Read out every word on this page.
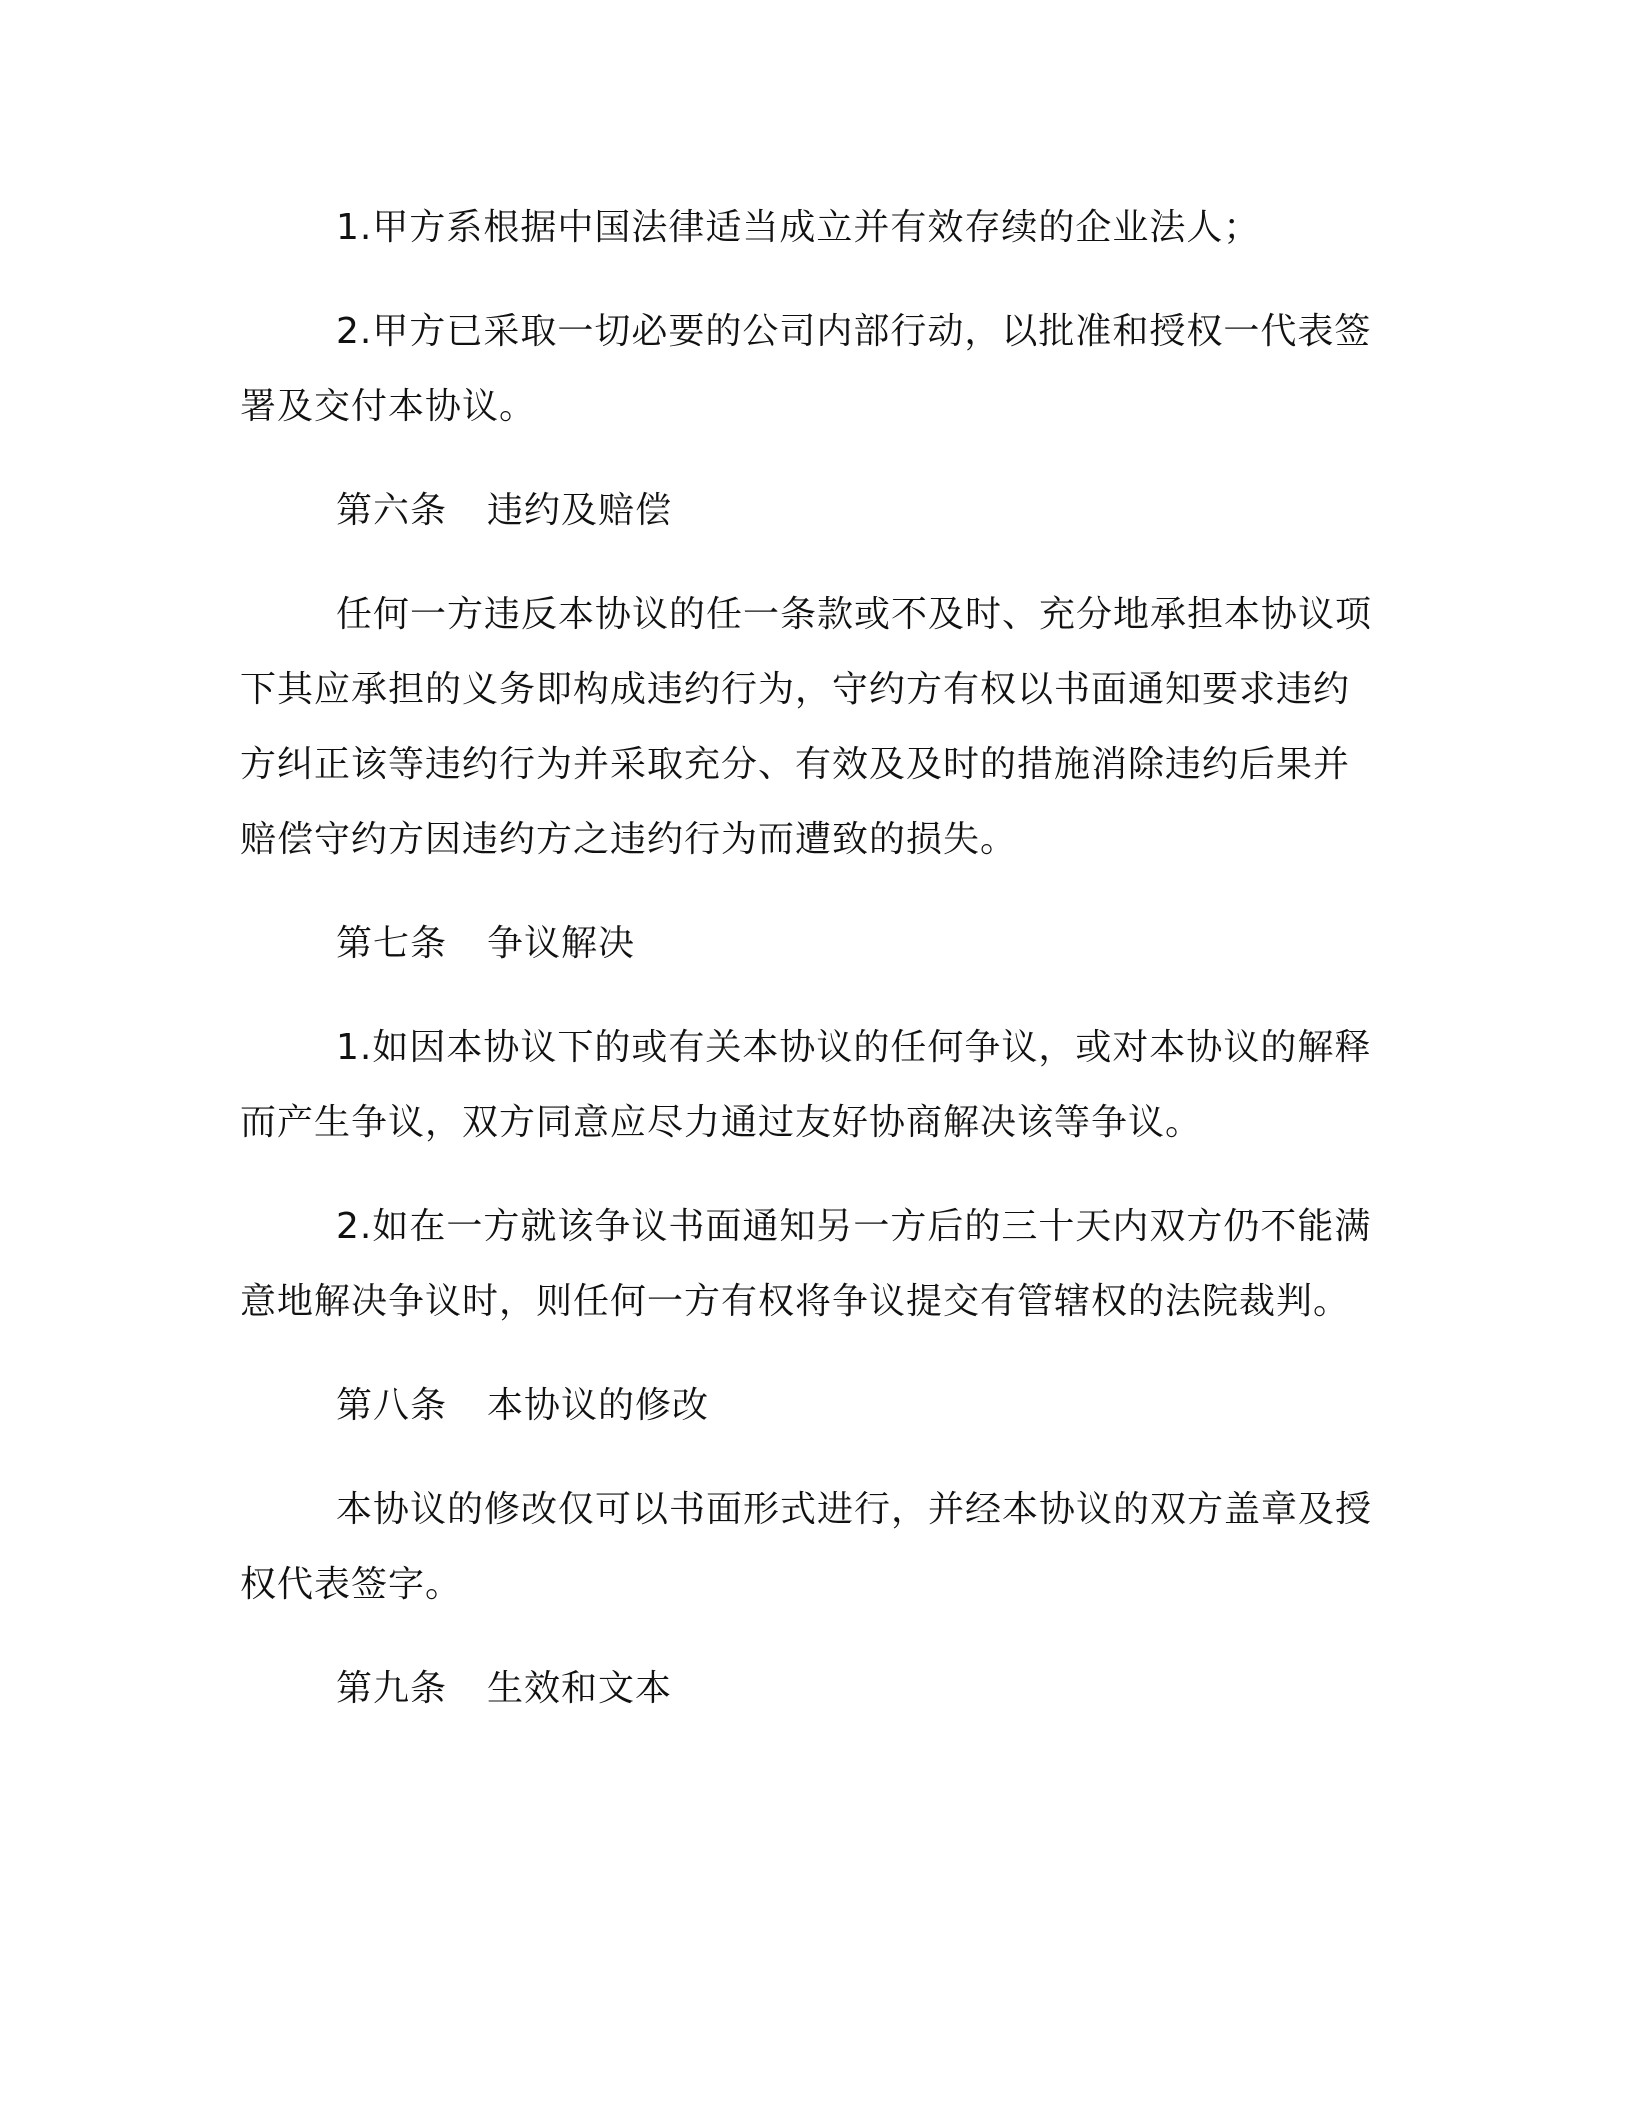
1.甲方系根据中国法律适当成立并有效存续的企业法人；

2.甲方已采取一切必要的公司内部行动，以批准和授权一代表签署及交付本协议。

第六条 违约及赔偿

任何一方违反本协议的任一条款或不及时、充分地承担本协议项下其应承担的义务即构成违约行为，守约方有权以书面通知要求违约方纠正该等违约行为并采取充分、有效及及时的措施消除违约后果并赔偿守约方因违约方之违约行为而遭致的损失。

第七条 争议解决

1.如因本协议下的或有关本协议的任何争议，或对本协议的解释而产生争议，双方同意应尽力通过友好协商解决该等争议。

2.如在一方就该争议书面通知另一方后的三十天内双方仍不能满意地解决争议时，则任何一方有权将争议提交有管辖权的法院裁判。

第八条 本协议的修改

本协议的修改仅可以书面形式进行，并经本协议的双方盖章及授权代表签字。

第九条 生效和文本
